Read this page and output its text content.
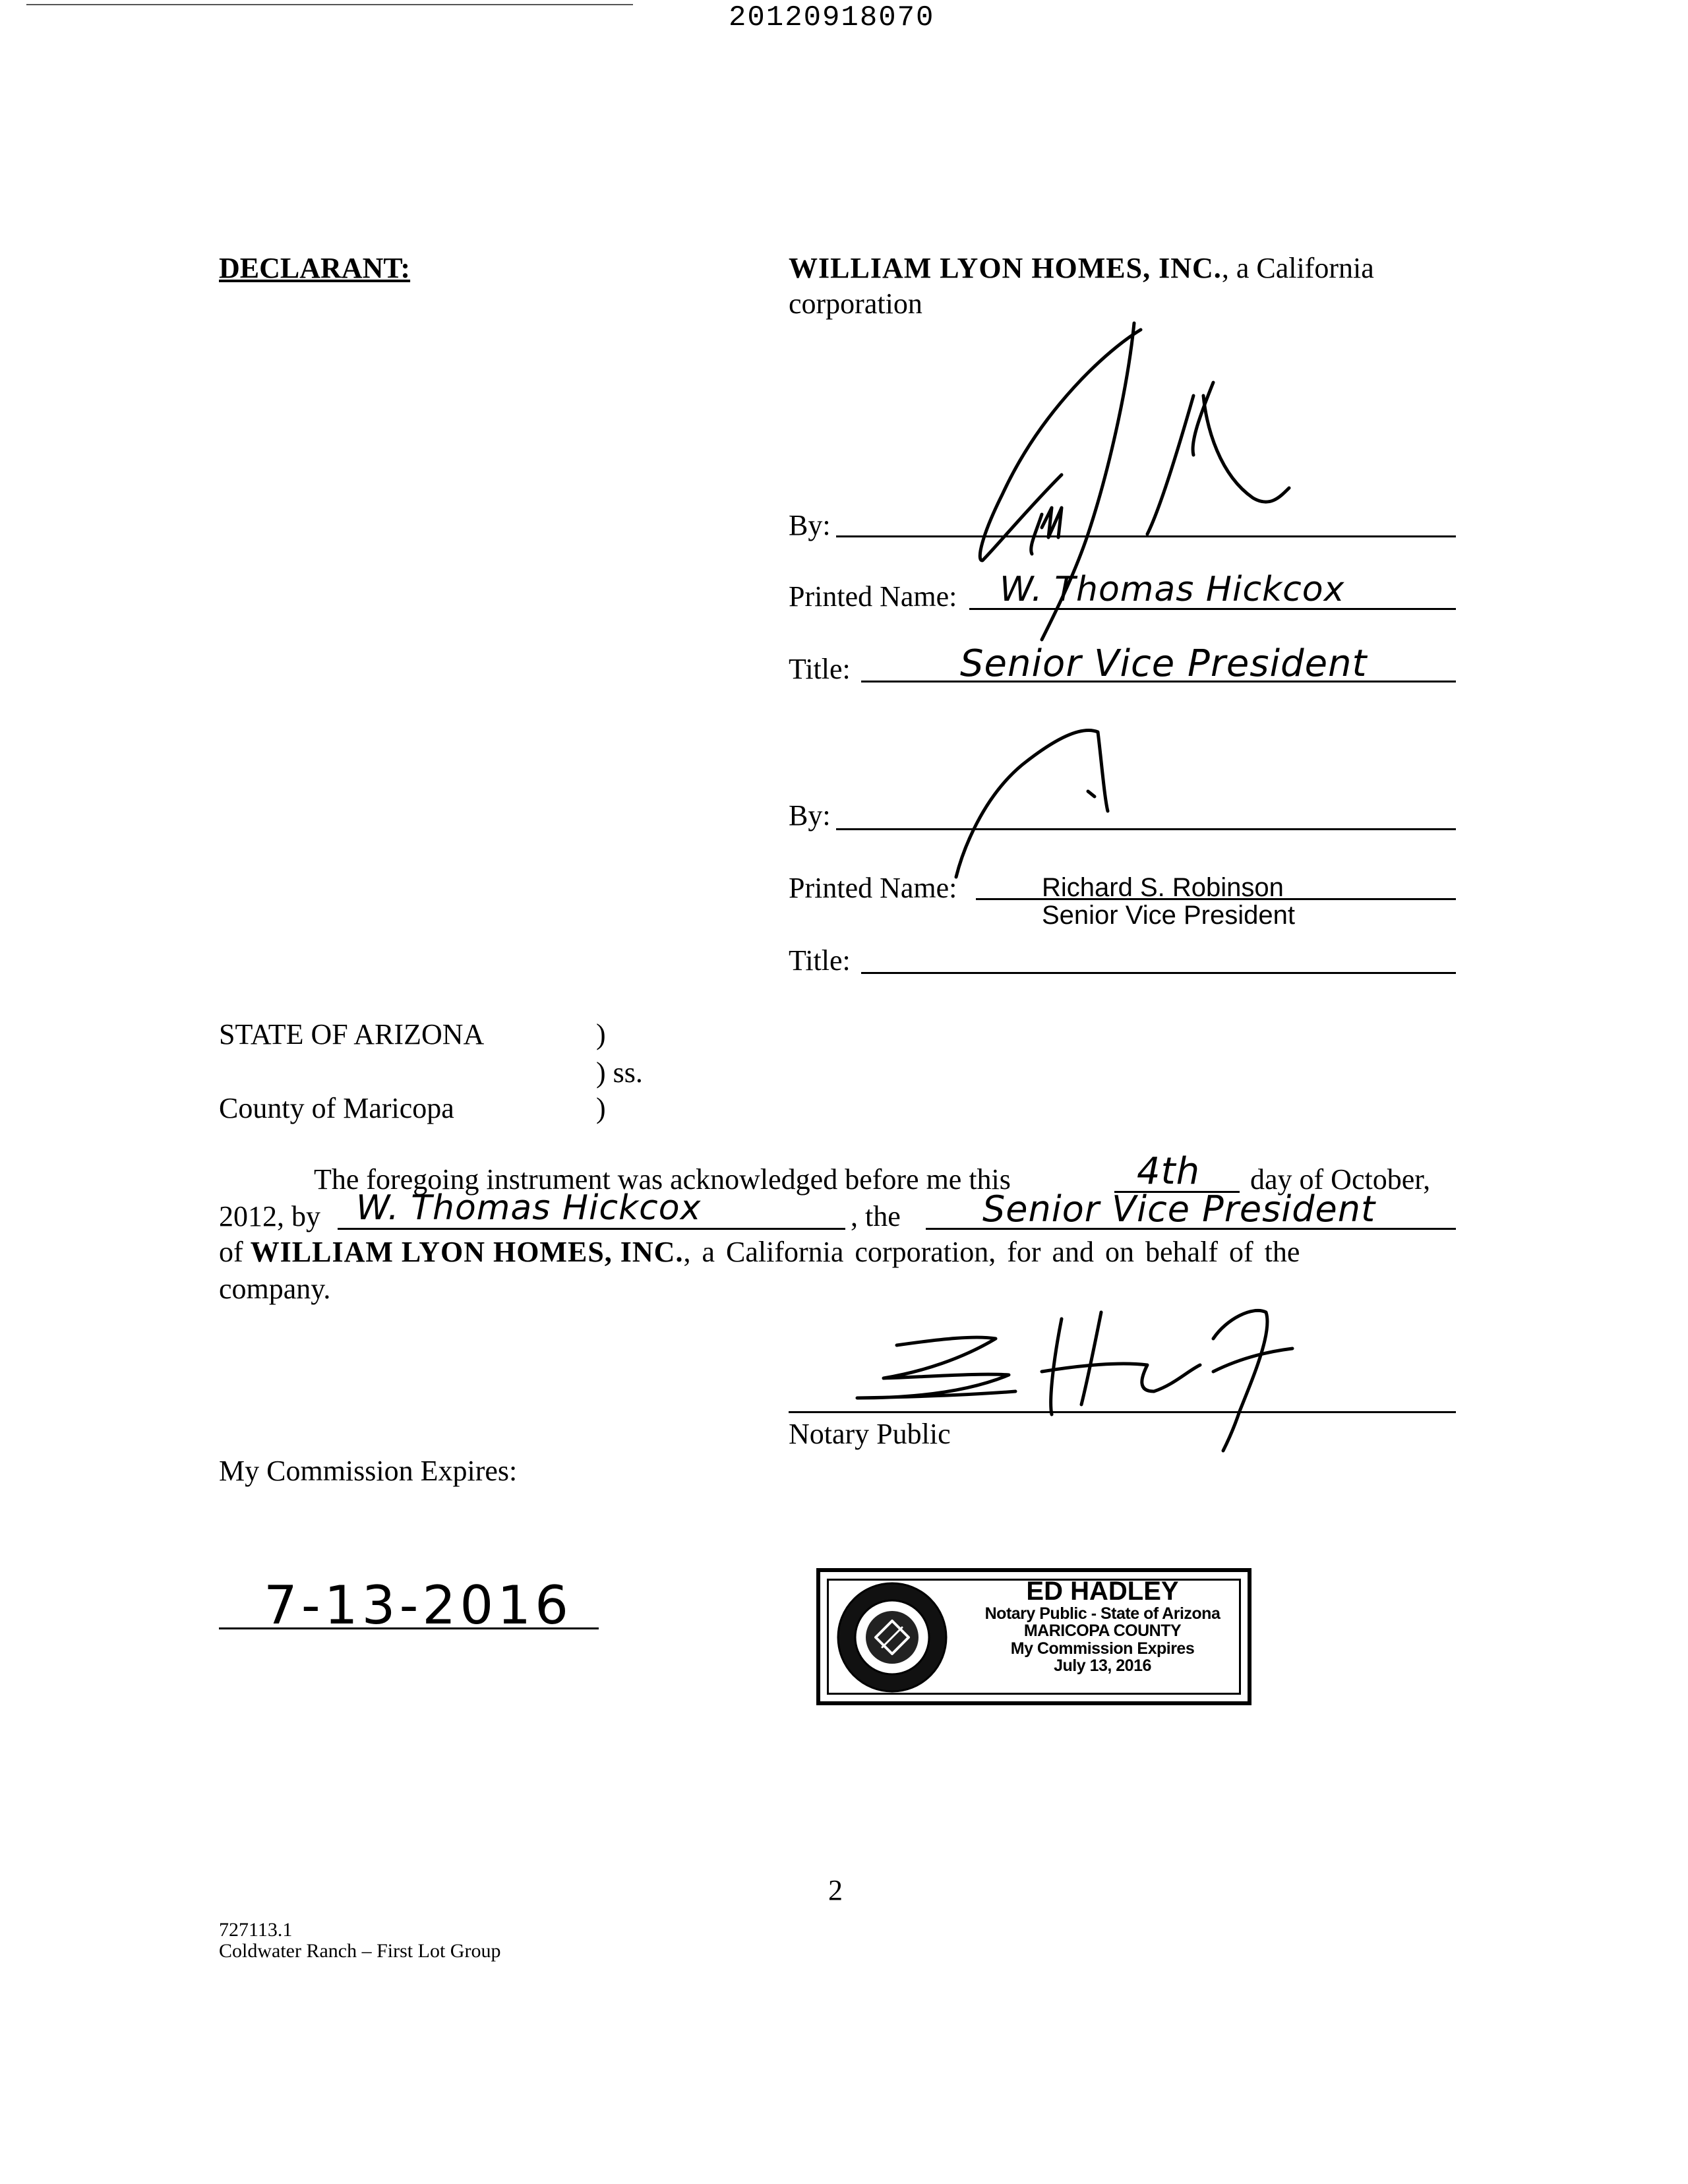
20120918070
DECLARANT:	WILLIAM LYON HOMES, INC., a California
corporation
By:
Printed Name: W. Thomas Hickcox
Title:	Senior Vice President
By:
Printed Name:	Richard S. Robinson
Senior Vice President
Title:
STATE OF ARIZONA	)
) ss.
County of Maricopa	)
The foregoing instrument was acknowledged before me this	4th day of October,
2012, by W. Thomas Hickcox	, the Senior Vice President
of WILLIAM LYON HOMES, INC., a California corporation, for and on behalf of the
company.
Notary Public
My Commission Expires:
7-13-2016	ED HADLEY
Notary Public - State of Arizona
MARICOPA COUNTY
My Commission Expires
July 13, 2016
2
727113.1
Coldwater Ranch – First Lot Group
